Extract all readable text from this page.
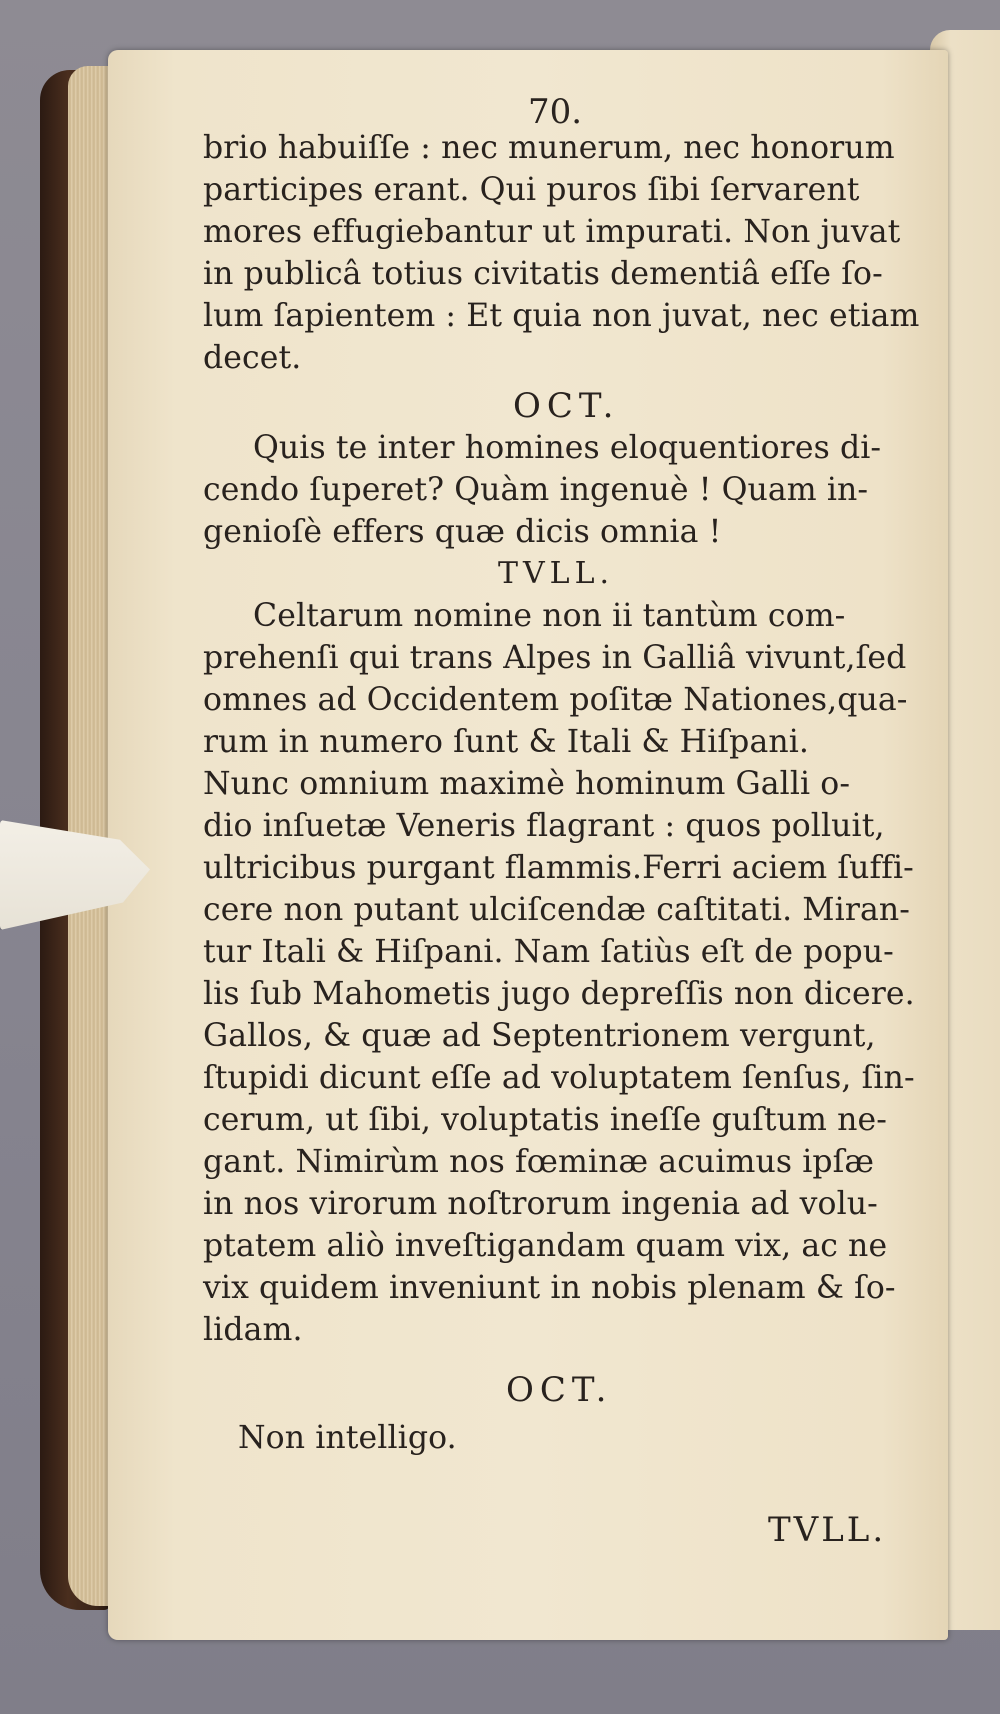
70.
brio habuiſſe : nec munerum, nec honorum
participes erant. Qui puros ſibi ſervarent
mores effugiebantur ut impurati. Non juvat
in publicâ totius civitatis dementiâ eſſe ſo-
lum ſapientem : Et quia non juvat, nec etiam
decet.
OCT.
Quis te inter homines eloquentiores di-
cendo ſuperet? Quàm ingenuè ! Quam in-
genioſè effers quæ dicis omnia !
TVLL.
Celtarum nomine non ii tantùm com-
prehenſi qui trans Alpes in Galliâ vivunt,ſed
omnes ad Occidentem poſitæ Nationes,qua-
rum in numero ſunt & Itali & Hiſpani.
Nunc omnium maximè hominum Galli o-
dio inſuetæ Veneris flagrant : quos polluit,
ultricibus purgant flammis.Ferri aciem ſuffi-
cere non putant ulciſcendæ caſtitati. Miran-
tur Itali & Hiſpani. Nam ſatiùs eſt de popu-
lis ſub Mahometis jugo depreſſis non dicere.
Gallos, & quæ ad Septentrionem vergunt,
ſtupidi dicunt eſſe ad voluptatem ſenſus, ſin-
cerum, ut ſibi, voluptatis ineſſe guſtum ne-
gant. Nimirùm nos fœminæ acuimus ipſæ
in nos virorum noſtrorum ingenia ad volu-
ptatem aliò inveſtigandam quam vix, ac ne
vix quidem inveniunt in nobis plenam & ſo-
lidam.
OCT.
Non intelligo.
TVLL.
